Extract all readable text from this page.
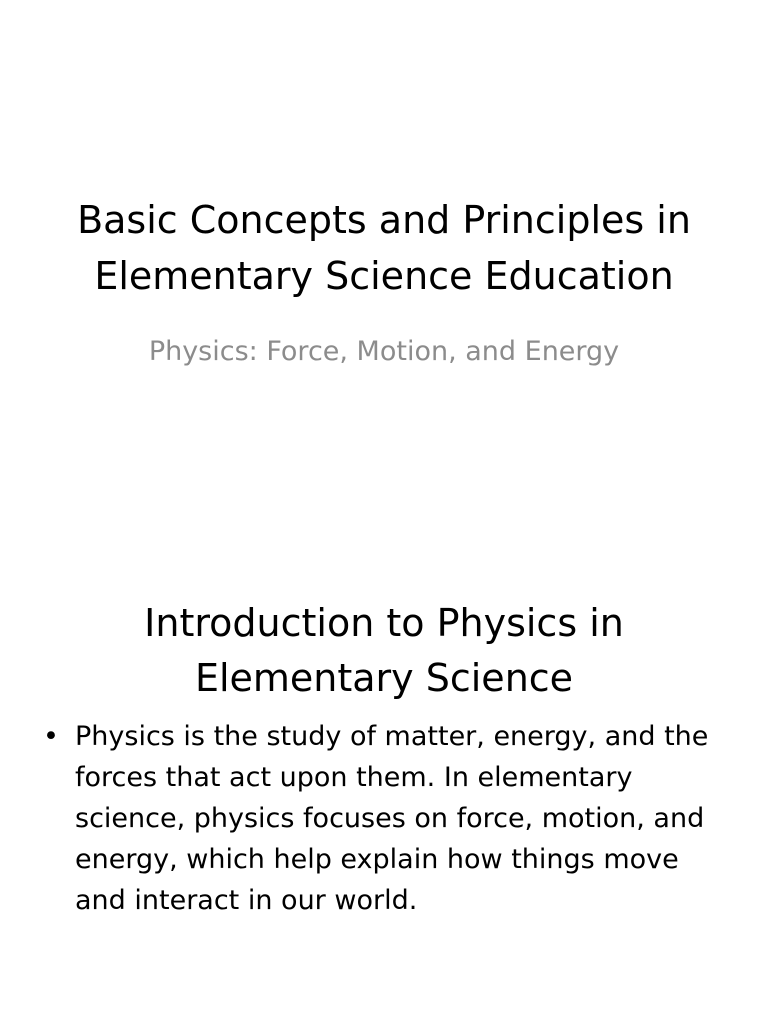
Basic Concepts and Principles in Elementary Science Education

Physics: Force, Motion, and Energy

Introduction to Physics in Elementary Science
• Physics is the study of matter, energy, and the forces that act upon them. In elementary science, physics focuses on force, motion, and energy, which help explain how things move and interact in our world.
